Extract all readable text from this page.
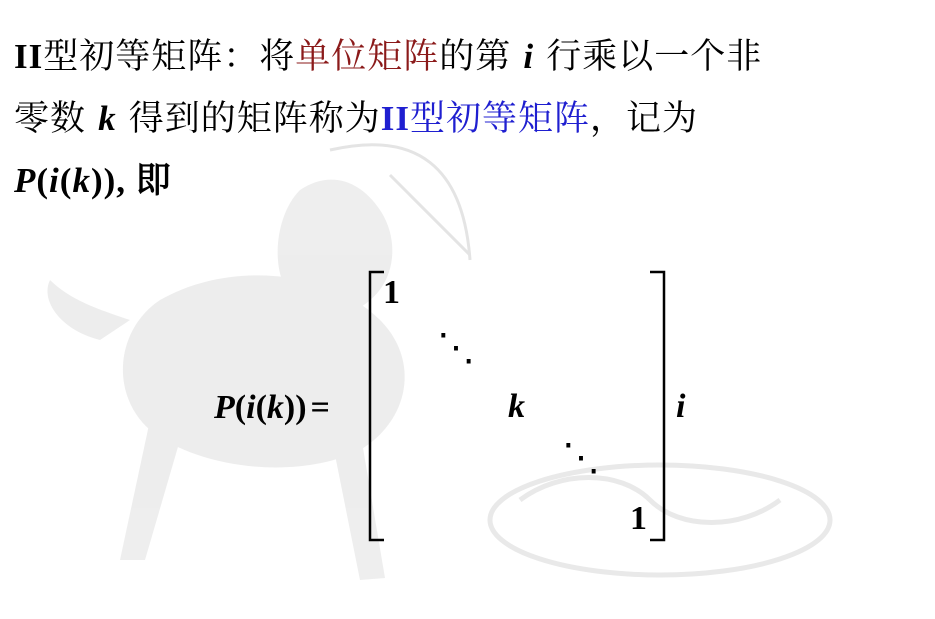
II型初等矩阵：将单位矩阵的第 i 行乘以一个非
零数 k 得到的矩阵称为II型初等矩阵，记为
P(i(k)), 即
P(i(k)) =
1
⋱
k
⋱
1
i
